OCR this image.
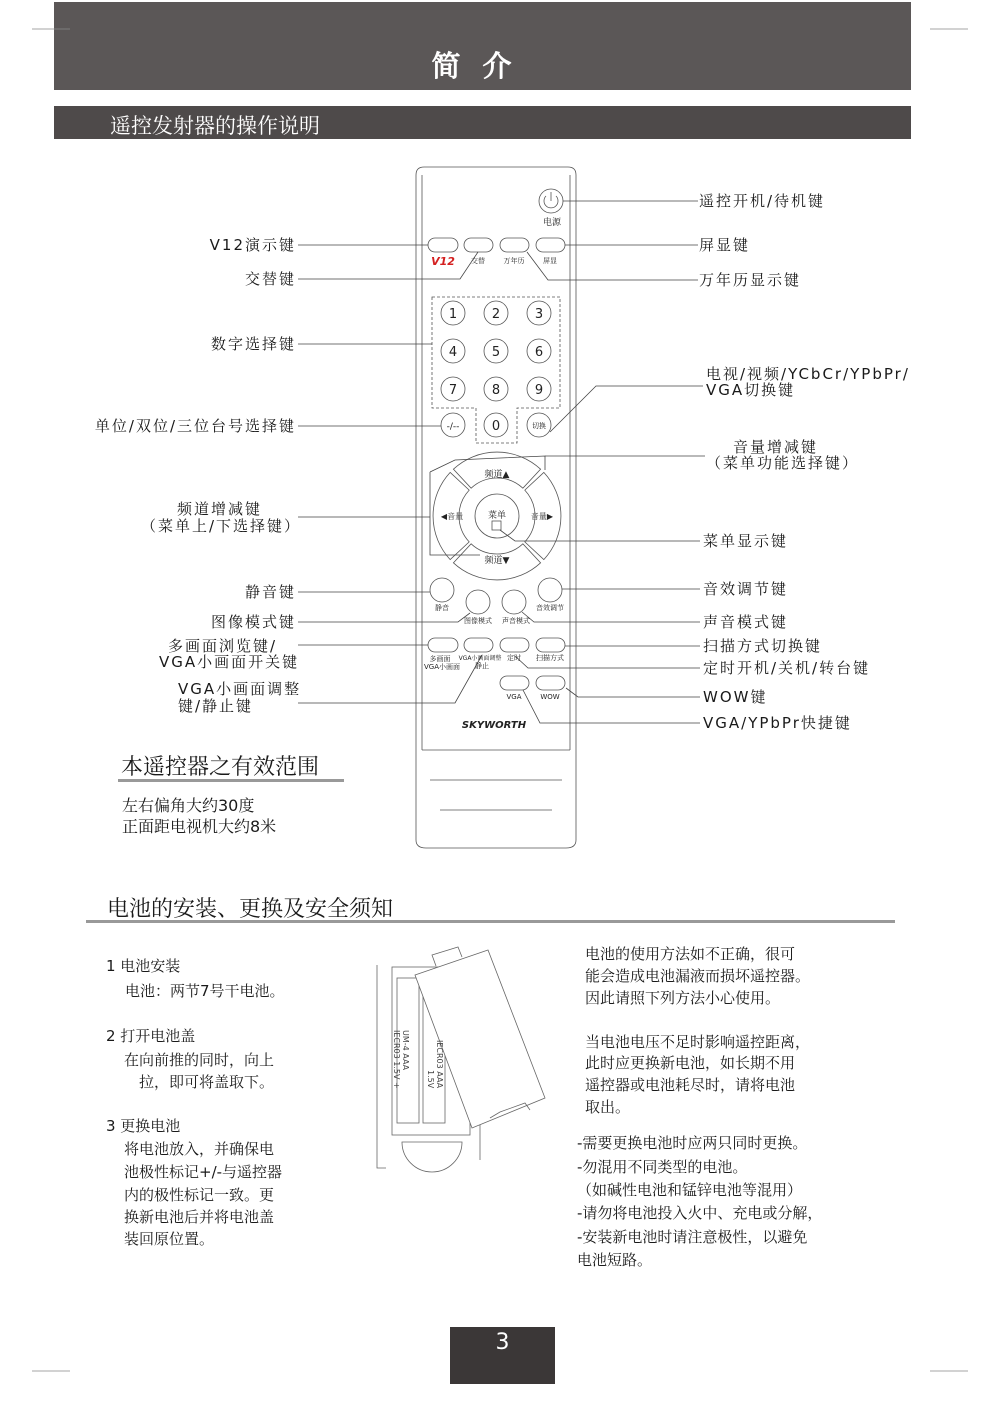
简介
遥控发射器的操作说明
UM-4 AAA
IECR03 1.5V +	IECR03 AAA
1.5V
电源
V12 交替	万年历	屏显
-/-- 0	切换
频道▲
频道▼
◀音量	音量▶
菜单
静音
图像模式 声音模式
音效调节
多画面
VGA小画面
VGA小画面调整
静止
定时 扫描方式
VGA	WOW
SKYWORTH
1	2	3
4	5	6
7	8	9
V12演示键
交替键
数字选择键
单位/双位/三位台号选择键
频道增减键
（菜单上/下选择键）
静音键
图像模式键
多画面浏览键/
VGA小画面开关键
VGA小画面调整
键/静止键
遥控开机/待机键
屏显键
万年历显示键
电视/视频/YCbCr/YPbPr/
VGA切换键
音量增减键
（菜单功能选择键）
菜单显示键
音效调节键
声音模式键
扫描方式切换键
定时开机/关机/转台键
WOW键
VGA/YPbPr快捷键
本遥控器之有效范围
左右偏角大约30度
正面距电视机大约8米
电池的安装、更换及安全须知
1 电池安装
电池：两节7号干电池。
2 打开电池盖
在向前推的同时，向上
拉，即可将盖取下。
3 更换电池
将电池放入，并确保电
池极性标记+/-与遥控器
内的极性标记一致。更
换新电池后并将电池盖
装回原位置。
电池的使用方法如不正确，很可
能会造成电池漏液而损坏遥控器。
因此请照下列方法小心使用。
当电池电压不足时影响遥控距离，
此时应更换新电池，如长期不用
遥控器或电池耗尽时，请将电池
取出。
-需要更换电池时应两只同时更换。
-勿混用不同类型的电池。
（如碱性电池和锰锌电池等混用）
-请勿将电池投入火中、充电或分解，
-安装新电池时请注意极性，以避免
电池短路。
3
